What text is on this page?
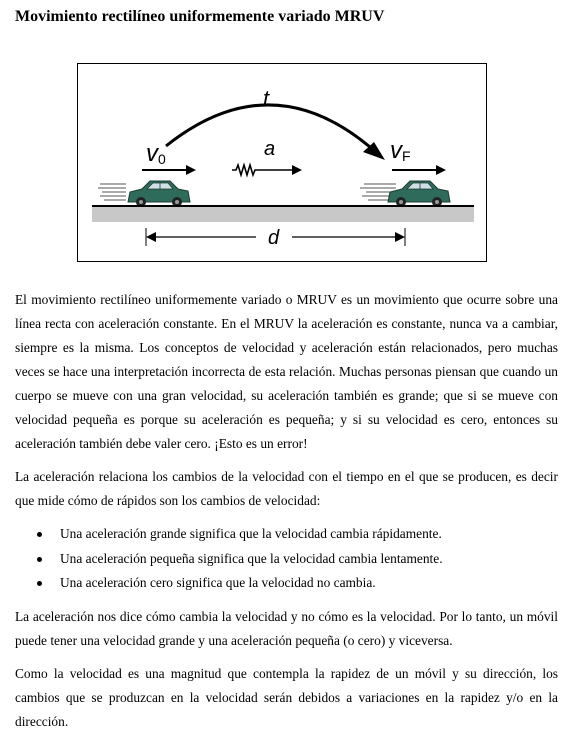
Movimiento rectilíneo uniformemente variado MRUV
t
v0	a	vF
d

El movimiento rectilíneo uniformemente variado o MRUV es un movimiento que ocurre sobre una línea recta con aceleración constante. En el MRUV la aceleración es constante, nunca va a cambiar, siempre es la misma. Los conceptos de velocidad y aceleración están relacionados, pero muchas veces se hace una interpretación incorrecta de esta relación. Muchas personas piensan que cuando un cuerpo se mueve con una gran velocidad, su aceleración también es grande; que si se mueve con velocidad pequeña es porque su aceleración es pequeña; y si su velocidad es cero, entonces su aceleración también debe valer cero. ¡Esto es un error!

La aceleración relaciona los cambios de la velocidad con el tiempo en el que se producen, es decir que mide cómo de rápidos son los cambios de velocidad:

Una aceleración grande significa que la velocidad cambia rápidamente.
Una aceleración pequeña significa que la velocidad cambia lentamente.
Una aceleración cero significa que la velocidad no cambia.

La aceleración nos dice cómo cambia la velocidad y no cómo es la velocidad. Por lo tanto, un móvil puede tener una velocidad grande y una aceleración pequeña (o cero) y viceversa.

Como la velocidad es una magnitud que contempla la rapidez de un móvil y su dirección, los cambios que se produzcan en la velocidad serán debidos a variaciones en la rapidez y/o en la dirección.
